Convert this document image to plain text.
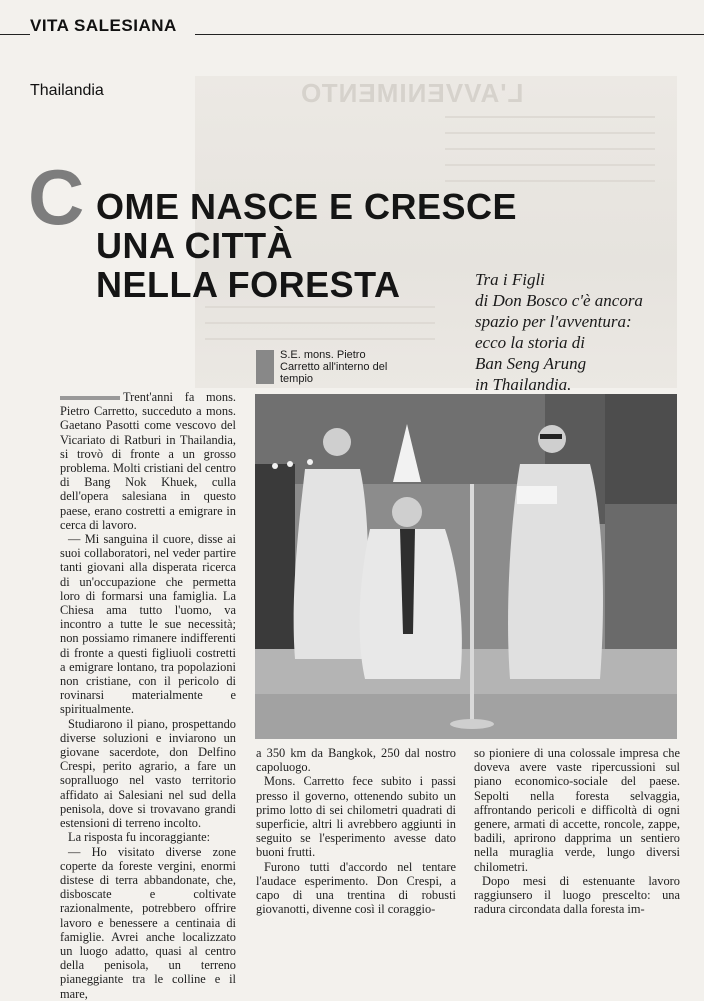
VITA SALESIANA
L'AVVENIMENTO
Thailandia
C OME NASCE E CRESCE
UNA CITTÀ
NELLA FORESTA	Tra i Figli
di Don Bosco c'è ancora
spazio per l'avventura:
ecco la storia di
Ban Seng Arung
in Thailandia.
S.E. mons. Pietro
Carretto all'interno del
tempio

Trent'anni fa mons. Pietro Carretto, succeduto a mons. Gaetano Pasotti come vescovo del Vicariato di Ratburi in Thailandia, si trovò di fronte a un grosso problema. Molti cristiani del centro di Bang Nok Khuek, culla dell'opera salesiana in questo paese, erano costretti a emigrare in cerca di lavoro.

— Mi sanguina il cuore, disse ai suoi collaboratori, nel veder partire tanti giovani alla disperata ricerca di un'occupazione che permetta loro di formarsi una famiglia. La Chiesa ama tutto l'uomo, va incontro a tutte le sue necessità; non possiamo rimanere indifferenti di fronte a questi figliuoli costretti a emigrare lontano, tra popolazioni non cristiane, con il pericolo di rovinarsi materialmente e spiritualmente.

Studiarono il piano, prospettando diverse soluzioni e inviarono un giovane sacerdote, don Delfino Crespi, perito agrario, a fare un sopralluogo nel vasto territorio affidato ai Salesiani nel sud della penisola, dove si trovavano grandi estensioni di terreno incolto.

La risposta fu incoraggiante:

— Ho visitato diverse zone coperte da foreste vergini, enormi distese di terra abbandonate, che, disboscate e coltivate razionalmente, potrebbero offrire lavoro e benessere a centinaia di famiglie. Avrei anche localizzato un luogo adatto, quasi al centro della penisola, un terreno pianeggiante tra le colline e il mare,

a 350 km da Bangkok, 250 dal nostro capoluogo.

Mons. Carretto fece subito i passi presso il governo, ottenendo subito un primo lotto di sei chilometri quadrati di superficie, altri li avrebbero aggiunti in seguito se l'esperimento avesse dato buoni frutti.

Furono tutti d'accordo nel tentare l'audace esperimento. Don Crespi, a capo di una trentina di robusti giovanotti, divenne così il coraggio-

so pioniere di una colossale impresa che doveva avere vaste ripercussioni sul piano economico-sociale del paese. Sepolti nella foresta selvaggia, affrontando pericoli e difficoltà di ogni genere, armati di accette, roncole, zappe, badili, aprirono dapprima un sentiero nella muraglia verde, lungo diversi chilometri.

Dopo mesi di estenuante lavoro raggiunsero il luogo prescelto: una radura circondata dalla foresta im-
